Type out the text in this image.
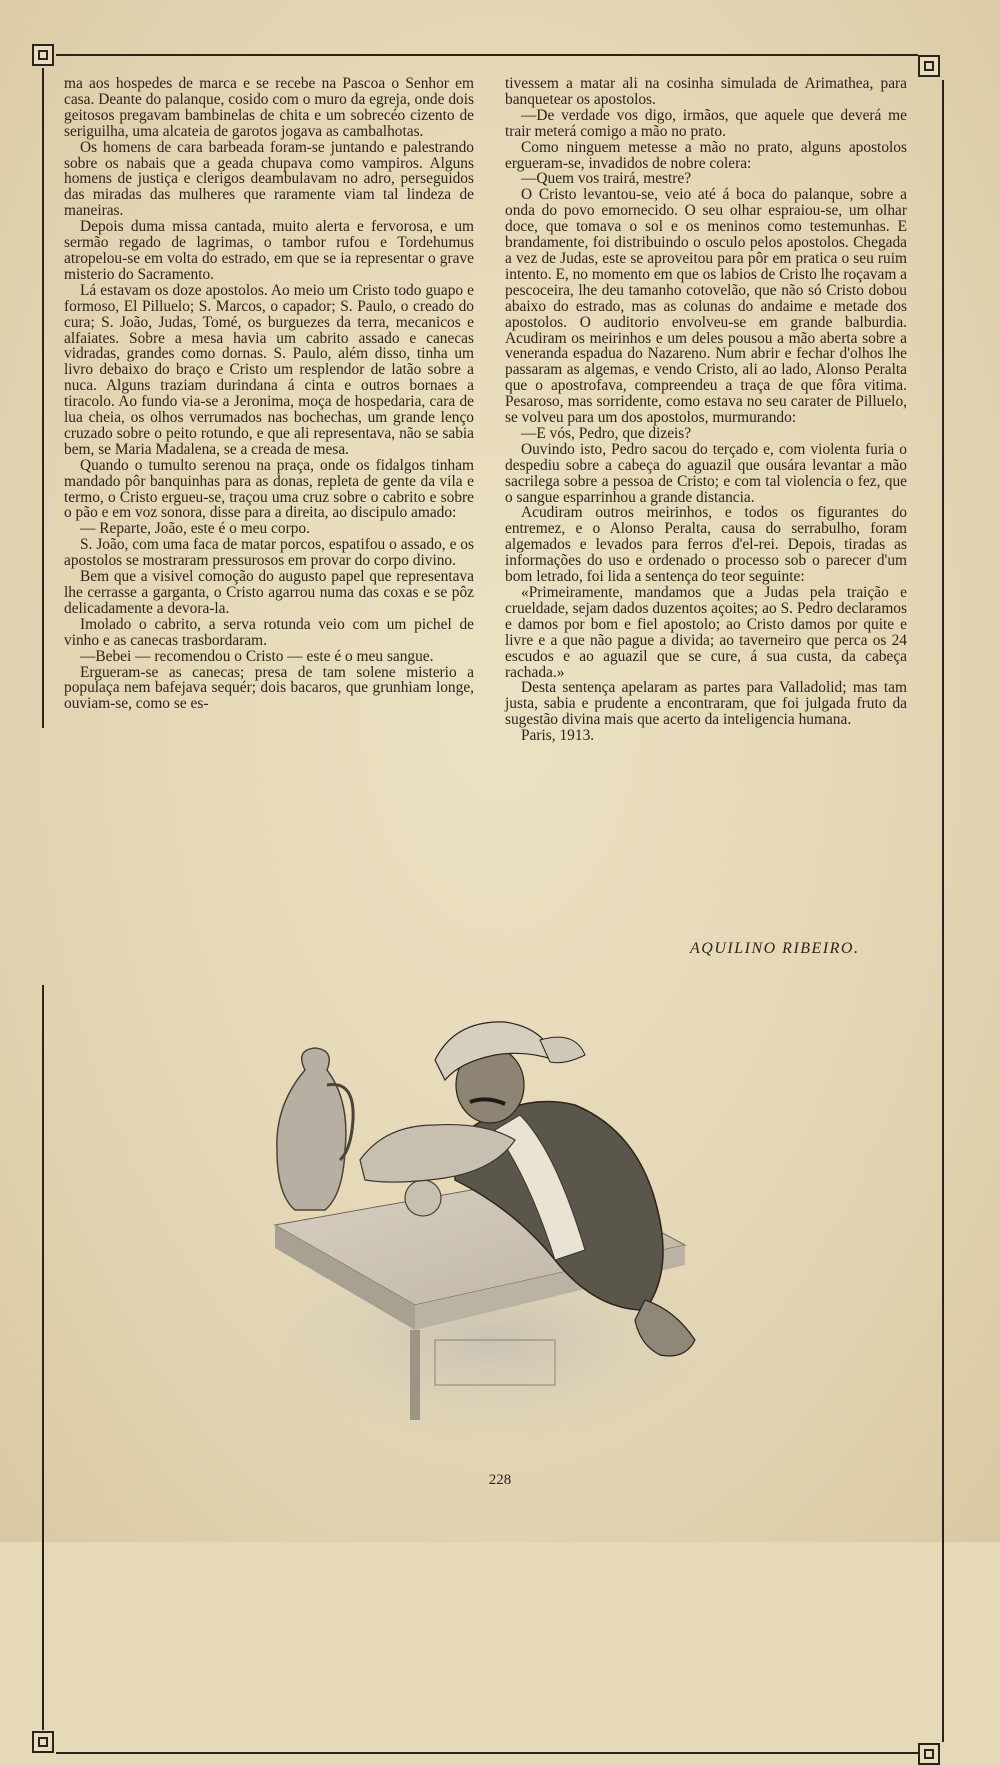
ma aos hospedes de marca e se recebe na Pascoa o Senhor em casa. Deante do palanque, cosido com o muro da egreja, onde dois geitosos pregavam bambinelas de chita e um sobrecéo cizento de seriguilha, uma alcateia de garotos jogava as cambalhotas.

Os homens de cara barbeada foram-se juntando e palestrando sobre os nabais que a geada chupava como vampiros. Alguns homens de justiça e clerigos deambulavam no adro, perseguidos das miradas das mulheres que raramente viam tal lindeza de maneiras.

Depois duma missa cantada, muito alerta e fervorosa, e um sermão regado de lagrimas, o tambor rufou e Tordehumus atropelou-se em volta do estrado, em que se ia representar o grave misterio do Sacramento.

Lá estavam os doze apostolos. Ao meio um Cristo todo guapo e formoso, El Pilluelo; S. Marcos, o capador; S. Paulo, o creado do cura; S. João, Judas, Tomé, os burguezes da terra, mecanicos e alfaiates. Sobre a mesa havia um cabrito assado e canecas vidradas, grandes como dornas. S. Paulo, além disso, tinha um livro debaixo do braço e Cristo um resplendor de latão sobre a nuca. Alguns traziam durindana á cinta e outros bornaes a tiracolo. Ao fundo via-se a Jeronima, moça de hospedaria, cara de lua cheia, os olhos verrumados nas bochechas, um grande lenço cruzado sobre o peito rotundo, e que ali representava, não se sabia bem, se Maria Madalena, se a creada de mesa.

Quando o tumulto serenou na praça, onde os fidalgos tinham mandado pôr banquinhas para as donas, repleta de gente da vila e termo, o Cristo ergueu-se, traçou uma cruz sobre o cabrito e sobre o pão e em voz sonora, disse para a direita, ao discipulo amado:

— Reparte, João, este é o meu corpo.

S. João, com uma faca de matar porcos, espatifou o assado, e os apostolos se mostraram pressurosos em provar do corpo divino.

Bem que a visivel comoção do augusto papel que representava lhe cerrasse a garganta, o Cristo agarrou numa das coxas e se pôz delicadamente a devora-la.

Imolado o cabrito, a serva rotunda veio com um pichel de vinho e as canecas trasbordaram.

—Bebei — recomendou o Cristo — este é o meu sangue.

Ergueram-se as canecas; presa de tam solene misterio a populaça nem bafejava sequér; dois bacaros, que grunhiam longe, ouviam-se, como se es-

tivessem a matar ali na cosinha simulada de Arimathea, para banquetear os apostolos.

—De verdade vos digo, irmãos, que aquele que deverá me trair meterá comigo a mão no prato.

Como ninguem metesse a mão no prato, alguns apostolos ergueram-se, invadidos de nobre colera:

—Quem vos trairá, mestre?

O Cristo levantou-se, veio até á boca do palanque, sobre a onda do povo emornecido. O seu olhar espraiou-se, um olhar doce, que tomava o sol e os meninos como testemunhas. E brandamente, foi distribuindo o osculo pelos apostolos. Chegada a vez de Judas, este se aproveitou para pôr em pratica o seu ruim intento. E, no momento em que os labios de Cristo lhe roçavam a pescoceira, lhe deu tamanho cotovelão, que não só Cristo dobou abaixo do estrado, mas as colunas do andaime e metade dos apostolos. O auditorio envolveu-se em grande balburdia. Acudiram os meirinhos e um deles pousou a mão aberta sobre a veneranda espadua do Nazareno. Num abrir e fechar d'olhos lhe passaram as algemas, e vendo Cristo, ali ao lado, Alonso Peralta que o apostrofava, compreendeu a traça de que fôra vitima. Pesaroso, mas sorridente, como estava no seu carater de Pilluelo, se volveu para um dos apostolos, murmurando:

—E vós, Pedro, que dizeis?

Ouvindo isto, Pedro sacou do terçado e, com violenta furia o despediu sobre a cabeça do aguazil que ousára levantar a mão sacrilega sobre a pessoa de Cristo; e com tal violencia o fez, que o sangue esparrinhou a grande distancia.

Acudiram outros meirinhos, e todos os figurantes do entremez, e o Alonso Peralta, causa do serrabulho, foram algemados e levados para ferros d'el-rei. Depois, tiradas as informações do uso e ordenado o processo sob o parecer d'um bom letrado, foi lida a sentença do teor seguinte:

«Primeiramente, mandamos que a Judas pela traição e crueldade, sejam dados duzentos açoites; ao S. Pedro declaramos e damos por bom e fiel apostolo; ao Cristo damos por quite e livre e a que não pague a divida; ao taverneiro que perca os 24 escudos e ao aguazil que se cure, á sua custa, da cabeça rachada.»

Desta sentença apelaram as partes para Valladolid; mas tam justa, sabia e prudente a encontraram, que foi julgada fruto da sugestão divina mais que acerto da inteligencia humana.

Paris, 1913.

AQUILINO RIBEIRO.
228
